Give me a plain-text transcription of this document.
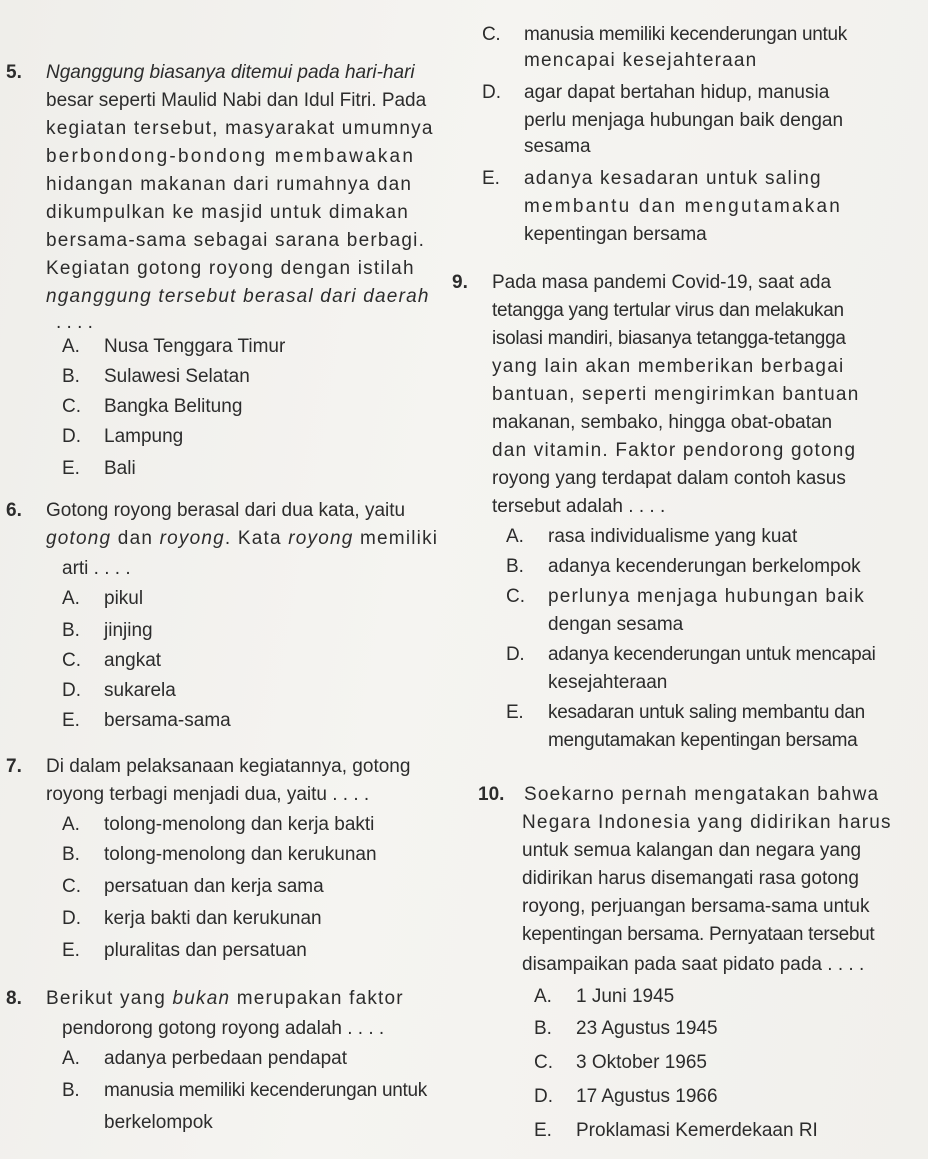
5. Nganggung biasanya ditemui pada hari-hari
besar seperti Maulid Nabi dan Idul Fitri. Pada
kegiatan tersebut, masyarakat umumnya
berbondong-bondong membawakan
hidangan makanan dari rumahnya dan
dikumpulkan ke masjid untuk dimakan
bersama-sama sebagai sarana berbagi.
Kegiatan gotong royong dengan istilah
nganggung tersebut berasal dari daerah
. . . .
A. Nusa Tenggara Timur
B. Sulawesi Selatan
C. Bangka Belitung
D. Lampung
E. Bali
6. Gotong royong berasal dari dua kata, yaitu
gotong dan royong. Kata royong memiliki
arti . . . .
A. pikul
B. jinjing
C. angkat
D. sukarela
E. bersama-sama
7. Di dalam pelaksanaan kegiatannya, gotong
royong terbagi menjadi dua, yaitu . . . .
A. tolong-menolong dan kerja bakti
B. tolong-menolong dan kerukunan
C. persatuan dan kerja sama
D. kerja bakti dan kerukunan
E. pluralitas dan persatuan
8. Berikut yang bukan merupakan faktor
pendorong gotong royong adalah . . . .
A. adanya perbedaan pendapat
B. manusia memiliki kecenderungan untuk
berkelompok
C. manusia memiliki kecenderungan untuk
mencapai kesejahteraan
D. agar dapat bertahan hidup, manusia
perlu menjaga hubungan baik dengan
sesama
E. adanya kesadaran untuk saling
membantu dan mengutamakan
kepentingan bersama
9. Pada masa pandemi Covid-19, saat ada
tetangga yang tertular virus dan melakukan
isolasi mandiri, biasanya tetangga-tetangga
yang lain akan memberikan berbagai
bantuan, seperti mengirimkan bantuan
makanan, sembako, hingga obat-obatan
dan vitamin. Faktor pendorong gotong
royong yang terdapat dalam contoh kasus
tersebut adalah . . . .
A. rasa individualisme yang kuat
B. adanya kecenderungan berkelompok
C. perlunya menjaga hubungan baik
dengan sesama
D. adanya kecenderungan untuk mencapai
kesejahteraan
E. kesadaran untuk saling membantu dan
mengutamakan kepentingan bersama
10. Soekarno pernah mengatakan bahwa
Negara Indonesia yang didirikan harus
untuk semua kalangan dan negara yang
didirikan harus disemangati rasa gotong
royong, perjuangan bersama-sama untuk
kepentingan bersama. Pernyataan tersebut
disampaikan pada saat pidato pada . . . .
A. 1 Juni 1945
B. 23 Agustus 1945
C. 3 Oktober 1965
D. 17 Agustus 1966
E. Proklamasi Kemerdekaan RI
